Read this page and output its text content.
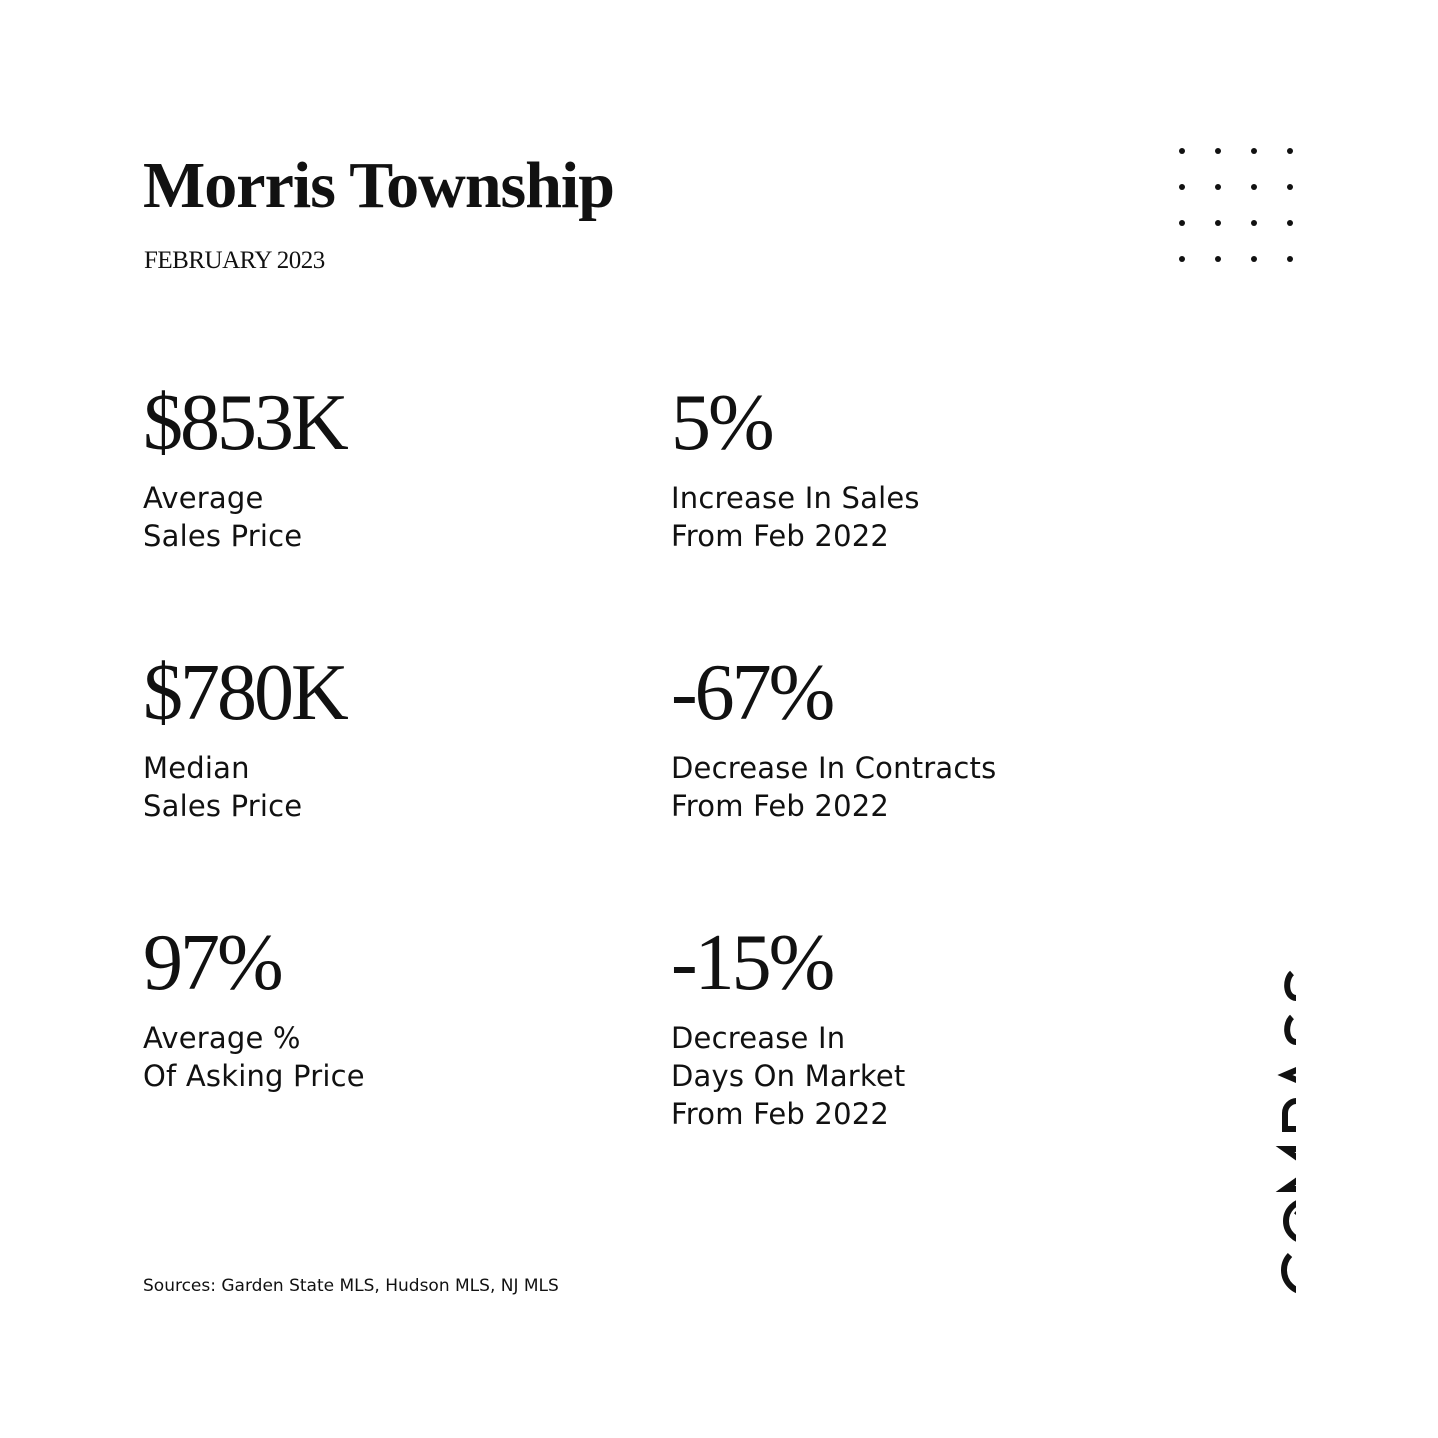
Morris Township
FEBRUARY 2023
$853K
Average
Sales Price
5%
Increase In Sales
From Feb 2022
$780K
Median
Sales Price
-67%
Decrease In Contracts
From Feb 2022
97%
Average %
Of Asking Price
-15%
Decrease In
Days On Market
From Feb 2022
Sources: Garden State MLS, Hudson MLS, NJ MLS
